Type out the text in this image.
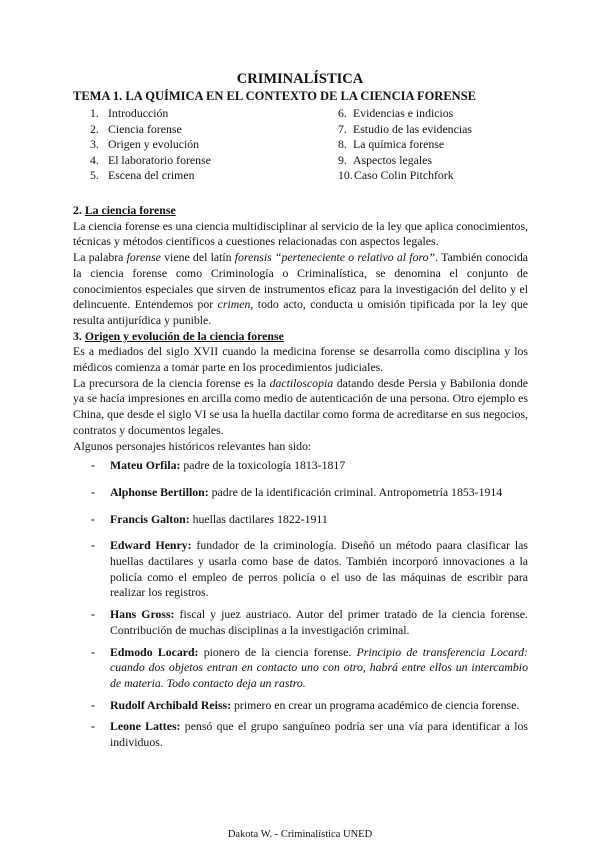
CRIMINALÍSTICA
TEMA 1. LA QUÍMICA EN EL CONTEXTO DE LA CIENCIA FORENSE
1. Introducción
2. Ciencia forense
3. Origen y evolución
4. El laboratorio forense
5. Escena del crimen
6. Evidencias e indicios
7. Estudio de las evidencias
8. La química forense
9. Aspectos legales
10. Caso Colin Pitchfork
2. La ciencia forense

La ciencia forense es una ciencia multidisciplinar al servicio de la ley que aplica conocimientos, técnicas y métodos científicos a cuestiones relacionadas con aspectos legales.

La palabra forense viene del latín forensis “perteneciente o relativo al foro”. También conocida la ciencia forense como Criminología o Criminalística, se denomina el conjunto de conocimientos especiales que sirven de instrumentos eficaz para la investigación del delito y el delincuente. Entendemos por crimen, todo acto, conducta u omisión tipificada por la ley que resulta antijurídica y punible.

3. Origen y evolución de la ciencia forense

Es a mediados del siglo XVII cuando la medicina forense se desarrolla como disciplina y los médicos comienza a tomar parte en los procedimientos judiciales.

La precursora de la ciencia forense es la dactiloscopia datando desde Persia y Babilonia donde ya se hacía impresiones en arcilla como medio de autenticación de una persona. Otro ejemplo es China, que desde el siglo VI se usa la huella dactilar como forma de acreditarse en sus negocios, contratos y documentos legales.

Algunos personajes históricos relevantes han sido:

- Mateu Orfila: padre de la toxicología 1813-1817
- Alphonse Bertillon: padre de la identificación criminal. Antropometría 1853-1914
- Francis Galton: huellas dactilares 1822-1911
- Edward Henry: fundador de la criminología. Diseñó un método paara clasificar las huellas dactilares y usarla como base de datos. También incorporó innovaciones a la policía como el empleo de perros policía o el uso de las máquinas de escribir para realizar los registros.
- Hans Gross: fiscal y juez austriaco. Autor del primer tratado de la ciencia forense. Contribución de muchas disciplinas a la investigación criminal.
- Edmodo Locard: pionero de la ciencia forense. Principio de transferencia Locard: cuando dos objetos entran en contacto uno con otro, habrá entre ellos un intercambio de materia. Todo contacto deja un rastro.
- Rudolf Archibald Reiss: primero en crear un programa académico de ciencia forense.
- Leone Lattes: pensó que el grupo sanguíneo podría ser una vía para identificar a los individuos.
Dakota W. - Criminalística UNED
